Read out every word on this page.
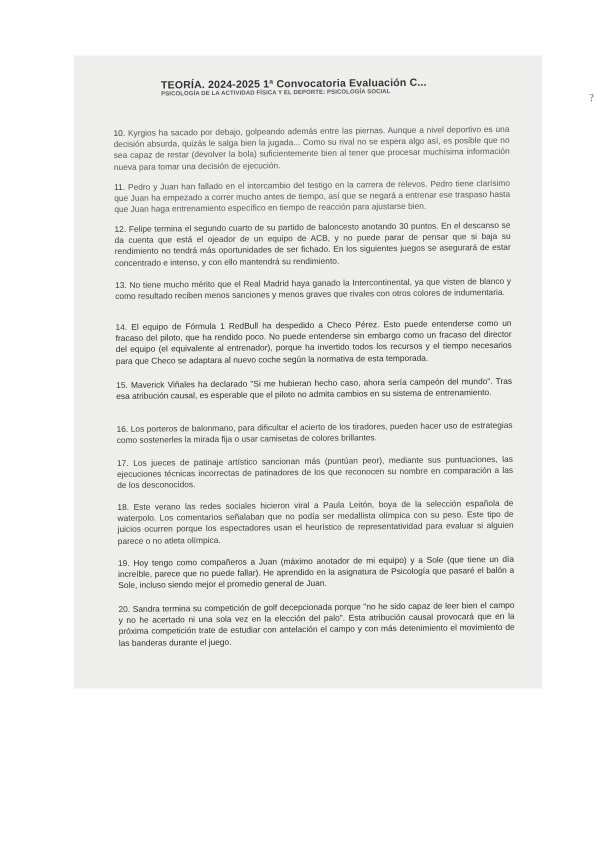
?
TEORÍA. 2024-2025 1ª Convocatoria Evaluación C...
PSICOLOGÍA DE LA ACTIVIDAD FÍSICA Y EL DEPORTE: PSICOLOGÍA SOCIAL
10. Kyrgios ha sacado por debajo, golpeando además entre las piernas. Aunque a nivel deportivo es una decisión absurda, quizás le salga bien la jugada... Como su rival no se espera algo así, es posible que no sea capaz de restar (devolver la bola) suficientemente bien al tener que procesar muchísima información nueva para tomar una decisión de ejecución.
11. Pedro y Juan han fallado en el intercambio del testigo en la carrera de relevos. Pedro tiene clarísimo que Juan ha empezado a correr mucho antes de tiempo, así que se negará a entrenar ese traspaso hasta que Juan haga entrenamiento específico en tiempo de reacción para ajustarse bien.
12. Felipe termina el segundo cuarto de su partido de baloncesto anotando 30 puntos. En el descanso se da cuenta que está el ojeador de un equipo de ACB, y no puede parar de pensar que si baja su rendimiento no tendrá más oportunidades de ser fichado. En los siguientes juegos se asegurará de estar concentrado e intenso, y con ello mantendrá su rendimiento.
13. No tiene mucho mérito que el Real Madrid haya ganado la Intercontinental, ya que visten de blanco y como resultado reciben menos sanciones y menos graves que rivales con otros colores de indumentaria.
14. El equipo de Fórmula 1 RedBull ha despedido a Checo Pérez. Esto puede entenderse como un fracaso del piloto, que ha rendido poco. No puede entenderse sin embargo como un fracaso del director del equipo (el equivalente al entrenador), porque ha invertido todos los recursos y el tiempo necesarios para que Checo se adaptara al nuevo coche según la normativa de esta temporada.
15. Maverick Viñales ha declarado "Si me hubieran hecho caso, ahora sería campeón del mundo". Tras esa atribución causal, es esperable que el piloto no admita cambios en su sistema de entrenamiento.
16. Los porteros de balonmano, para dificultar el acierto de los tiradores, pueden hacer uso de estrategias como sostenerles la mirada fija o usar camisetas de colores brillantes.
17. Los jueces de patinaje artístico sancionan más (puntúan peor), mediante sus puntuaciones, las ejecuciones técnicas incorrectas de patinadores de los que reconocen su nombre en comparación a las de los desconocidos.
18. Este verano las redes sociales hicieron viral a Paula Leitón, boya de la selección española de waterpolo. Los comentarios señalaban que no podía ser medallista olímpica con su peso. Este tipo de juicios ocurren porque los espectadores usan el heurístico de representatividad para evaluar si alguien parece o no atleta olímpica.
19. Hoy tengo como compañeros a Juan (máximo anotador de mi equipo) y a Sole (que tiene un día increíble, parece que no puede fallar). He aprendido en la asignatura de Psicología que pasaré el balón a Sole, incluso siendo mejor el promedio general de Juan.
20. Sandra termina su competición de golf decepcionada porque "no he sido capaz de leer bien el campo y no he acertado ni una sola vez en la elección del palo". Esta atribución causal provocará que en la próxima competición trate de estudiar con antelación el campo y con más detenimiento el movimiento de las banderas durante el juego.
